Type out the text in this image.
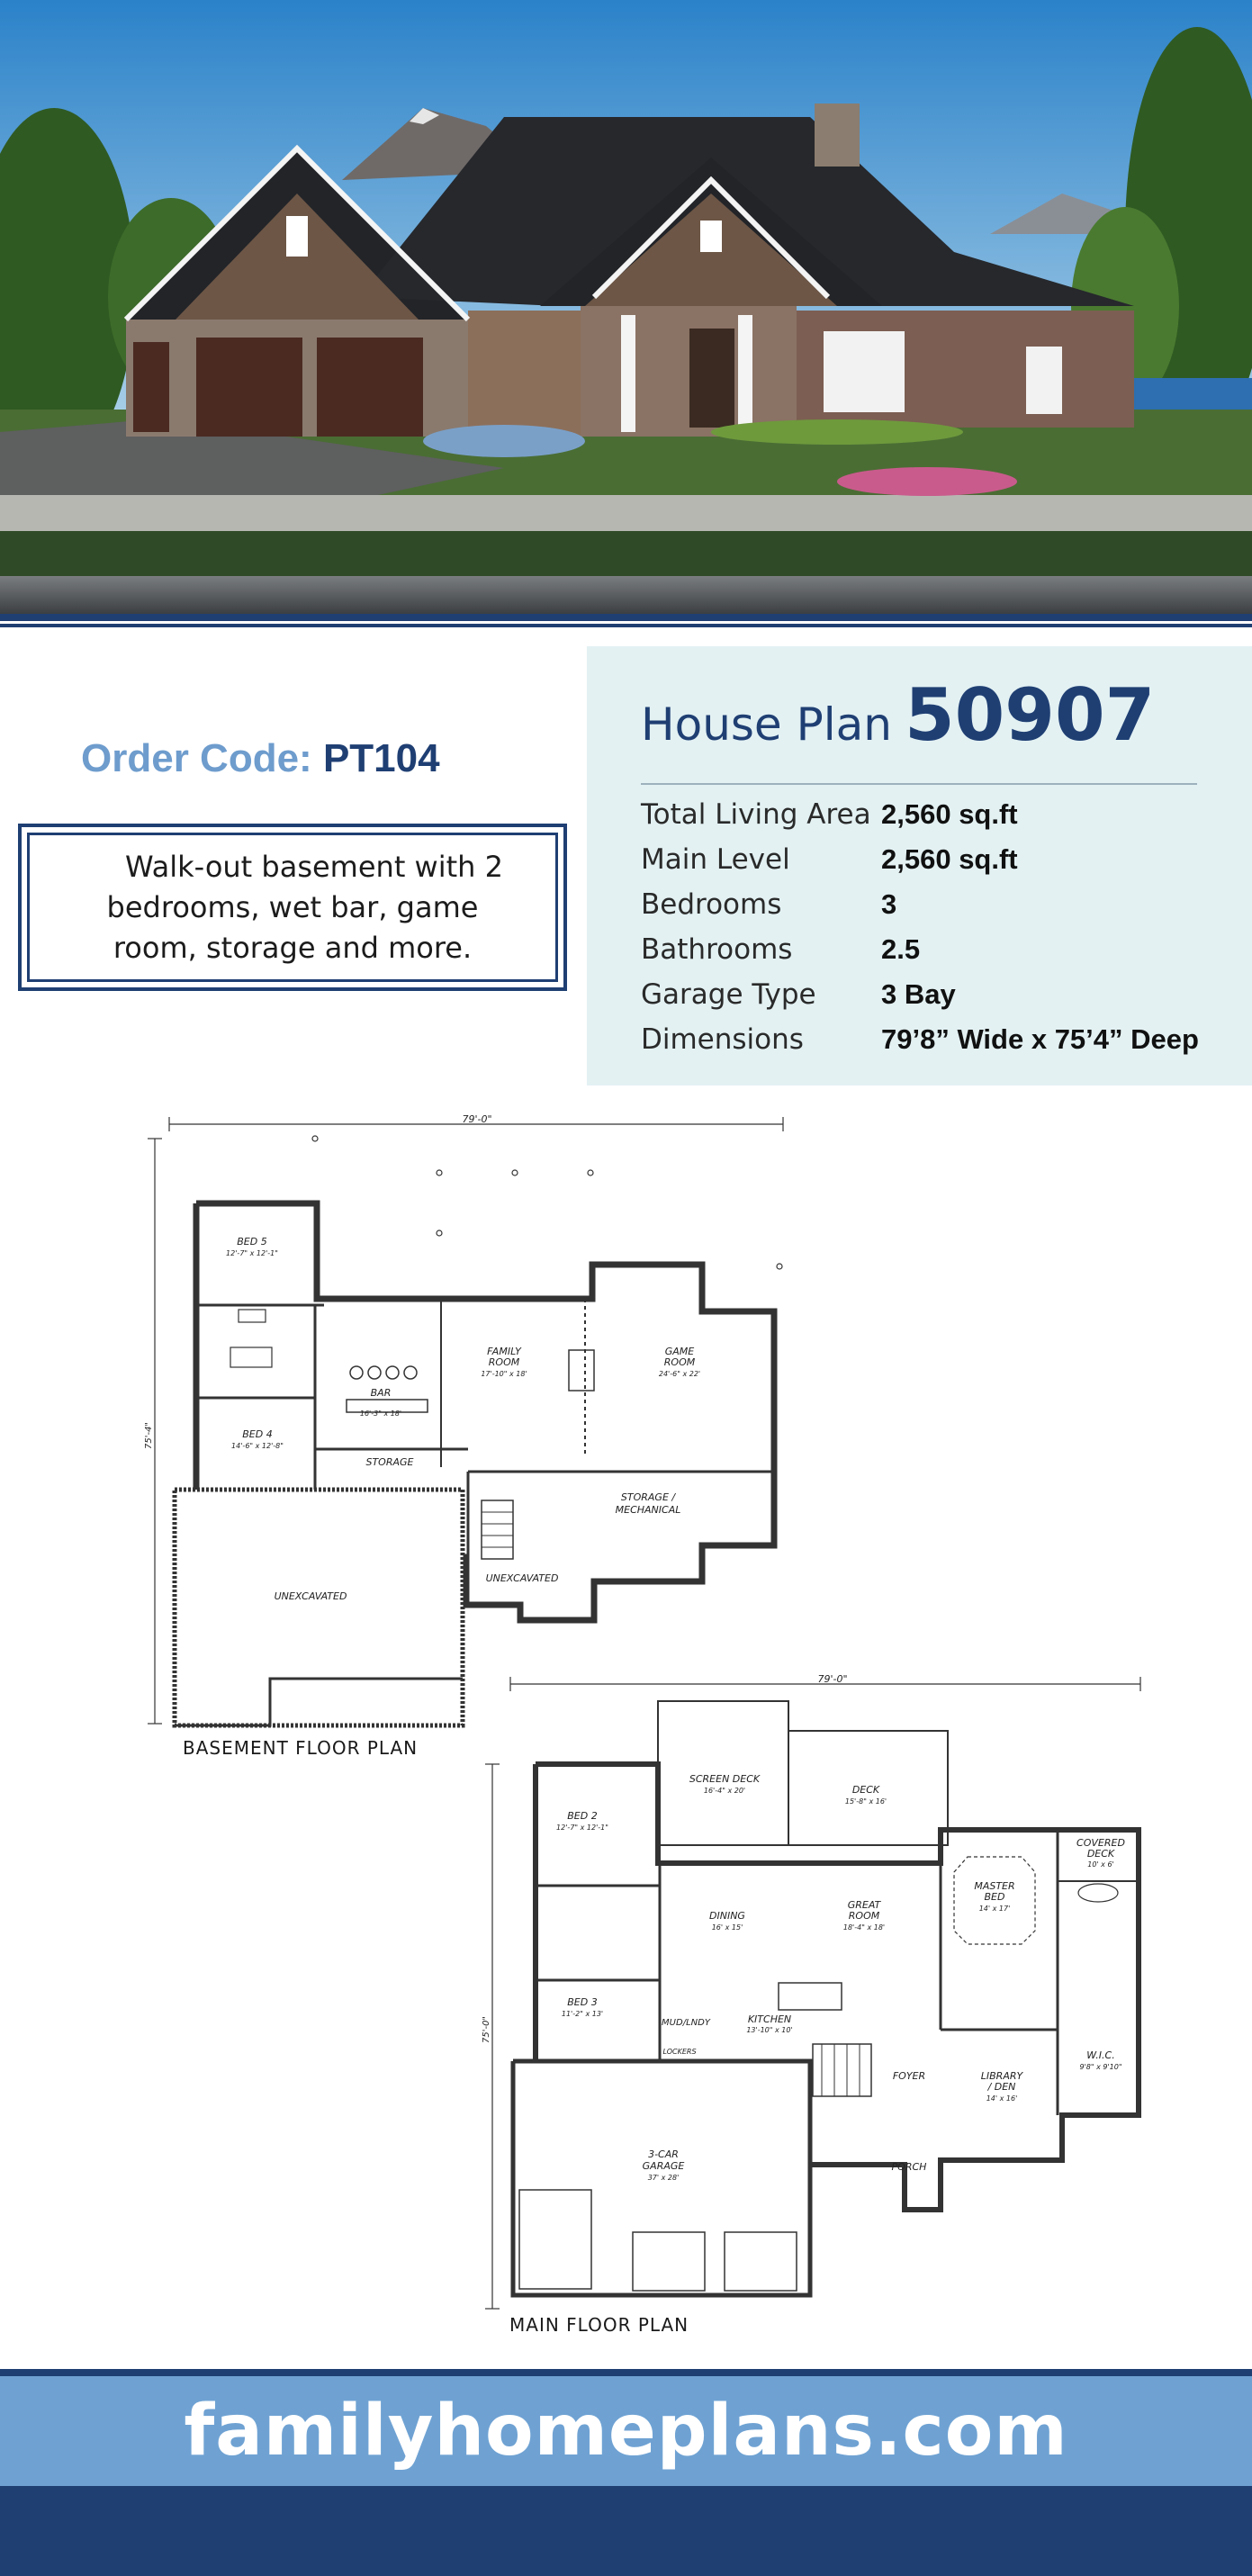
Order Code: PT104

Walk-out basement with 2 bedrooms, wet bar, game room, storage and more.

House Plan 50907
Total Living Area 2,560 sq.ft
Main Level	2,560 sq.ft
Bedrooms	3
Bathrooms	2.5
Garage Type	3 Bay
Dimensions	79’8” Wide x 75’4” Deep
79'-0"
BED 5
12'-7" x 12'-1"
BED 4
14'-6" x 12'-8"
BAR
16'-3" x 18'
FAMILY
ROOM
17'-10" x 18'
GAME
ROOM
24'-6" x 22'
STORAGE
STORAGE /
MECHANICAL
UNEXCAVATED
UNEXCAVATED
75'-4"
BASEMENT FLOOR PLAN
79'-0"
SCREEN DECK
16'-4" x 20'	DECK
15'-8" x 16'
BED 2
12'-7" x 12'-1"
COVERED
DECK
10' x 6'
MASTER
BED
14' x 17'
DINING
16' x 15'
GREAT
ROOM
18'-4" x 18'
BED 3
11'-2" x 13'
MUD/LNDY	KITCHEN
13'-10" x 10'
LOCKERS
FOYER	LIBRARY
/ DEN
14' x 16'
W.I.C.
9'8" x 9'10"
3-CAR
GARAGE
37' x 28'
PORCH
75'-0"
MAIN FLOOR PLAN
familyhomeplans.com
